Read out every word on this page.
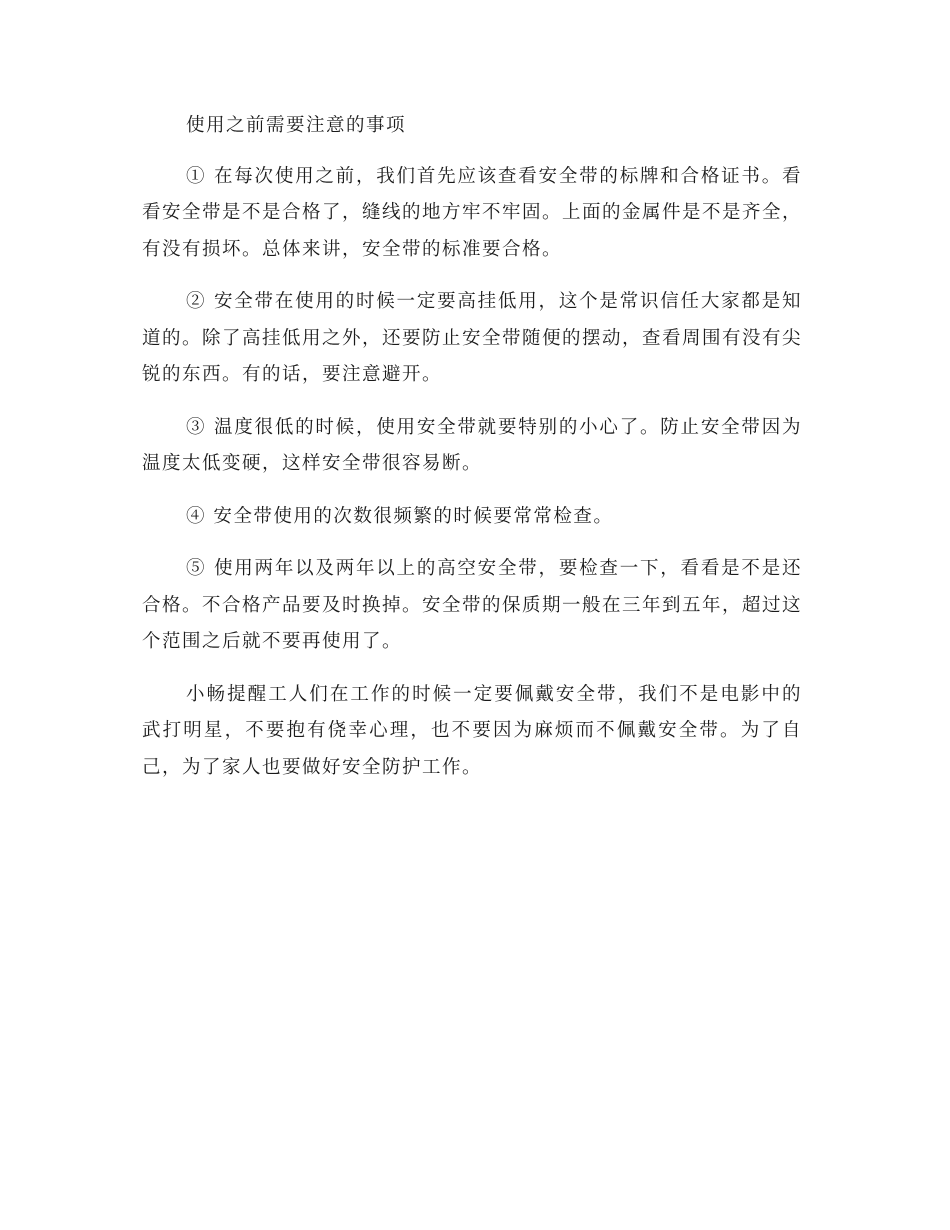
使用之前需要注意的事项

① 在每次使用之前，我们首先应该查看安全带的标牌和合格证书。看看安全带是不是合格了，缝线的地方牢不牢固。上面的金属件是不是齐全，有没有损坏。总体来讲，安全带的标准要合格。

② 安全带在使用的时候一定要高挂低用，这个是常识信任大家都是知道的。除了高挂低用之外，还要防止安全带随便的摆动，查看周围有没有尖锐的东西。有的话，要注意避开。

③ 温度很低的时候，使用安全带就要特别的小心了。防止安全带因为温度太低变硬，这样安全带很容易断。

④ 安全带使用的次数很频繁的时候要常常检查。

⑤ 使用两年以及两年以上的高空安全带，要检查一下，看看是不是还合格。不合格产品要及时换掉。安全带的保质期一般在三年到五年，超过这个范围之后就不要再使用了。

小畅提醒工人们在工作的时候一定要佩戴安全带，我们不是电影中的武打明星，不要抱有侥幸心理，也不要因为麻烦而不佩戴安全带。为了自己，为了家人也要做好安全防护工作。
